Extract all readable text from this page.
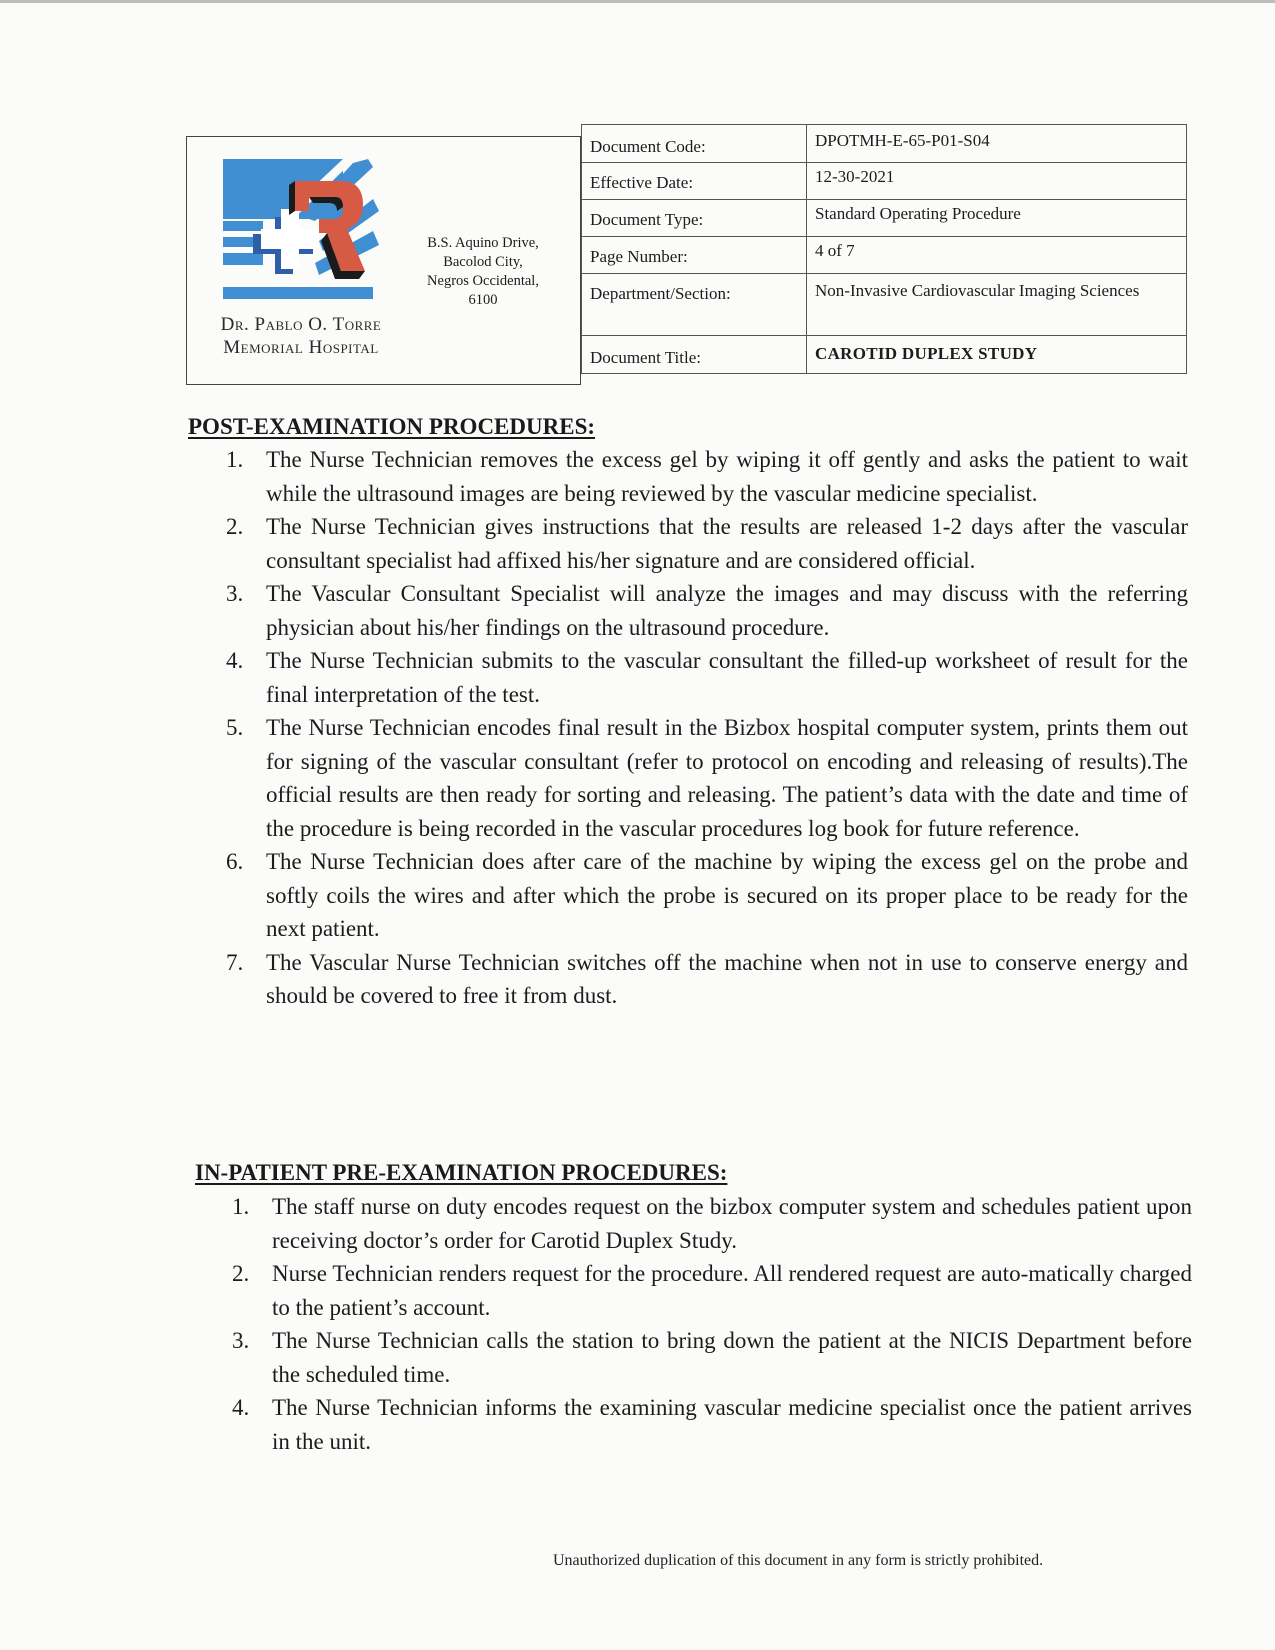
Dr. Pablo O. Torre
Memorial Hospital
B.S. Aquino Drive,
Bacolod City,
Negros Occidental,
6100
Document Code:	DPOTMH-E-65-P01-S04
Effective Date:	12-30-2021
Document Type:	Standard Operating Procedure
Page Number:	4 of 7
Department/Section:	Non-Invasive Cardiovascular Imaging Sciences
Document Title:	CAROTID DUPLEX STUDY
POST-EXAMINATION PROCEDURES:
1. The Nurse Technician removes the excess gel by wiping it off gently and asks the patient to wait while the ultrasound images are being reviewed by the vascular medicine specialist.
2. The Nurse Technician gives instructions that the results are released 1-2 days after the vascular consultant specialist had affixed his/her signature and are considered official.
3. The Vascular Consultant Specialist will analyze the images and may discuss with the referring physician about his/her findings on the ultrasound procedure.
4. The Nurse Technician submits to the vascular consultant the filled-up worksheet of result for the final interpretation of the test.
5. The Nurse Technician encodes final result in the Bizbox hospital computer system, prints them out for signing of the vascular consultant (refer to protocol on encoding and releasing of results).The official results are then ready for sorting and releasing. The patient’s data with the date and time of the procedure is being recorded in the vascular procedures log book for future reference.
6. The Nurse Technician does after care of the machine by wiping the excess gel on the probe and softly coils the wires and after which the probe is secured on its proper place to be ready for the next patient.
7. The Vascular Nurse Technician switches off the machine when not in use to conserve energy and should be covered to free it from dust.
IN-PATIENT PRE-EXAMINATION PROCEDURES:
1. The staff nurse on duty encodes request on the bizbox computer system and schedules patient upon receiving doctor’s order for Carotid Duplex Study.
2. Nurse Technician renders request for the procedure. All rendered request are auto-matically charged to the patient’s account.
3. The Nurse Technician calls the station to bring down the patient at the NICIS Department before the scheduled time.
4. The Nurse Technician informs the examining vascular medicine specialist once the patient arrives in the unit.
Unauthorized duplication of this document in any form is strictly prohibited.
